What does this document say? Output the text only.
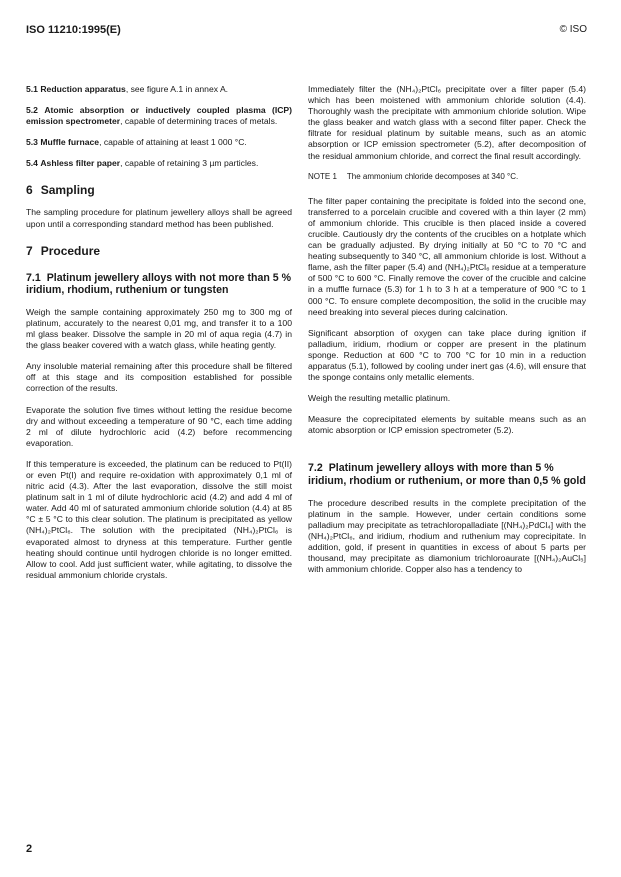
ISO 11210:1995(E)	© ISO
5.1 Reduction apparatus, see figure A.1 in annex A.
5.2 Atomic absorption or inductively coupled plasma (ICP) emission spectrometer, capable of determining traces of metals.
5.3 Muffle furnace, capable of attaining at least 1 000 °C.
5.4 Ashless filter paper, capable of retaining 3 µm particles.
6 Sampling

The sampling procedure for platinum jewellery alloys shall be agreed upon until a corresponding standard method has been published.

7 Procedure
7.1 Platinum jewellery alloys with not more than 5 % iridium, rhodium, ruthenium or tungsten

Weigh the sample containing approximately 250 mg to 300 mg of platinum, accurately to the nearest 0,01 mg, and transfer it to a 100 ml glass beaker. Dissolve the sample in 20 ml of aqua regia (4.7) in the glass beaker covered with a watch glass, while heating gently.

Any insoluble material remaining after this procedure shall be filtered off at this stage and its composition established for possible correction of the results.

Evaporate the solution five times without letting the residue become dry and without exceeding a temperature of 90 °C, each time adding 2 ml of dilute hydrochloric acid (4.2) before recommencing evaporation.

If this temperature is exceeded, the platinum can be reduced to Pt(II) or even Pt(I) and require re-oxidation with approximately 0,1 ml of nitric acid (4.3). After the last evaporation, dissolve the still moist platinum salt in 1 ml of dilute hydrochloric acid (4.2) and add 4 ml of water. Add 40 ml of saturated ammonium chloride solution (4.4) at 85 °C ± 5 °C to this clear solution. The platinum is precipitated as yellow (NH₄)₂PtCl₆. The solution with the precipitated (NH₄)₂PtCl₆ is evaporated almost to dryness at this temperature. Further gentle heating should continue until hydrogen chloride is no longer emitted. Allow to cool. Add just sufficient water, while agitating, to dissolve the residual ammonium chloride crystals.

Immediately filter the (NH₄)₂PtCl₆ precipitate over a filter paper (5.4) which has been moistened with ammonium chloride solution (4.4). Thoroughly wash the precipitate with ammonium chloride solution. Wipe the glass beaker and watch glass with a second filter paper. Check the filtrate for residual platinum by suitable means, such as an atomic absorption or ICP emission spectrometer (5.2), after decomposition of the residual ammonium chloride, and correct the final result accordingly.

NOTE 1 The ammonium chloride decomposes at 340 °C.

The filter paper containing the precipitate is folded into the second one, transferred to a porcelain crucible and covered with a thin layer (2 mm) of ammonium chloride. This crucible is then placed inside a covered crucible. Cautiously dry the contents of the crucibles on a hotplate which can be gradually adjusted. By drying initially at 50 °C to 70 °C and heating subsequently to 340 °C, all ammonium chloride is lost. Without a flame, ash the filter paper (5.4) and (NH₄)₂PtCl₆ residue at a temperature of 500 °C to 600 °C. Finally remove the cover of the crucible and calcine in a muffle furnace (5.3) for 1 h to 3 h at a temperature of 900 °C to 1 000 °C. To ensure complete decomposition, the solid in the crucible may need breaking into several pieces during calcination.

Significant absorption of oxygen can take place during ignition if palladium, iridium, rhodium or copper are present in the platinum sponge. Reduction at 600 °C to 700 °C for 10 min in a reduction apparatus (5.1), followed by cooling under inert gas (4.6), will ensure that the sponge contains only metallic elements.

Weigh the resulting metallic platinum.

Measure the coprecipitated elements by suitable means such as an atomic absorption or ICP emission spectrometer (5.2).

7.2 Platinum jewellery alloys with more than 5 % iridium, rhodium or ruthenium, or more than 0,5 % gold

The procedure described results in the complete precipitation of the platinum in the sample. However, under certain conditions some palladium may precipitate as tetrachloropalladiate [(NH₄)₂PdCl₄] with the (NH₄)₂PtCl₆, and iridium, rhodium and ruthenium may coprecipitate. In addition, gold, if present in quantities in excess of about 5 parts per thousand, may precipitate as diamonium trichloroaurate [(NH₄)₂AuCl₅] with ammonium chloride. Copper also has a tendency to

2
